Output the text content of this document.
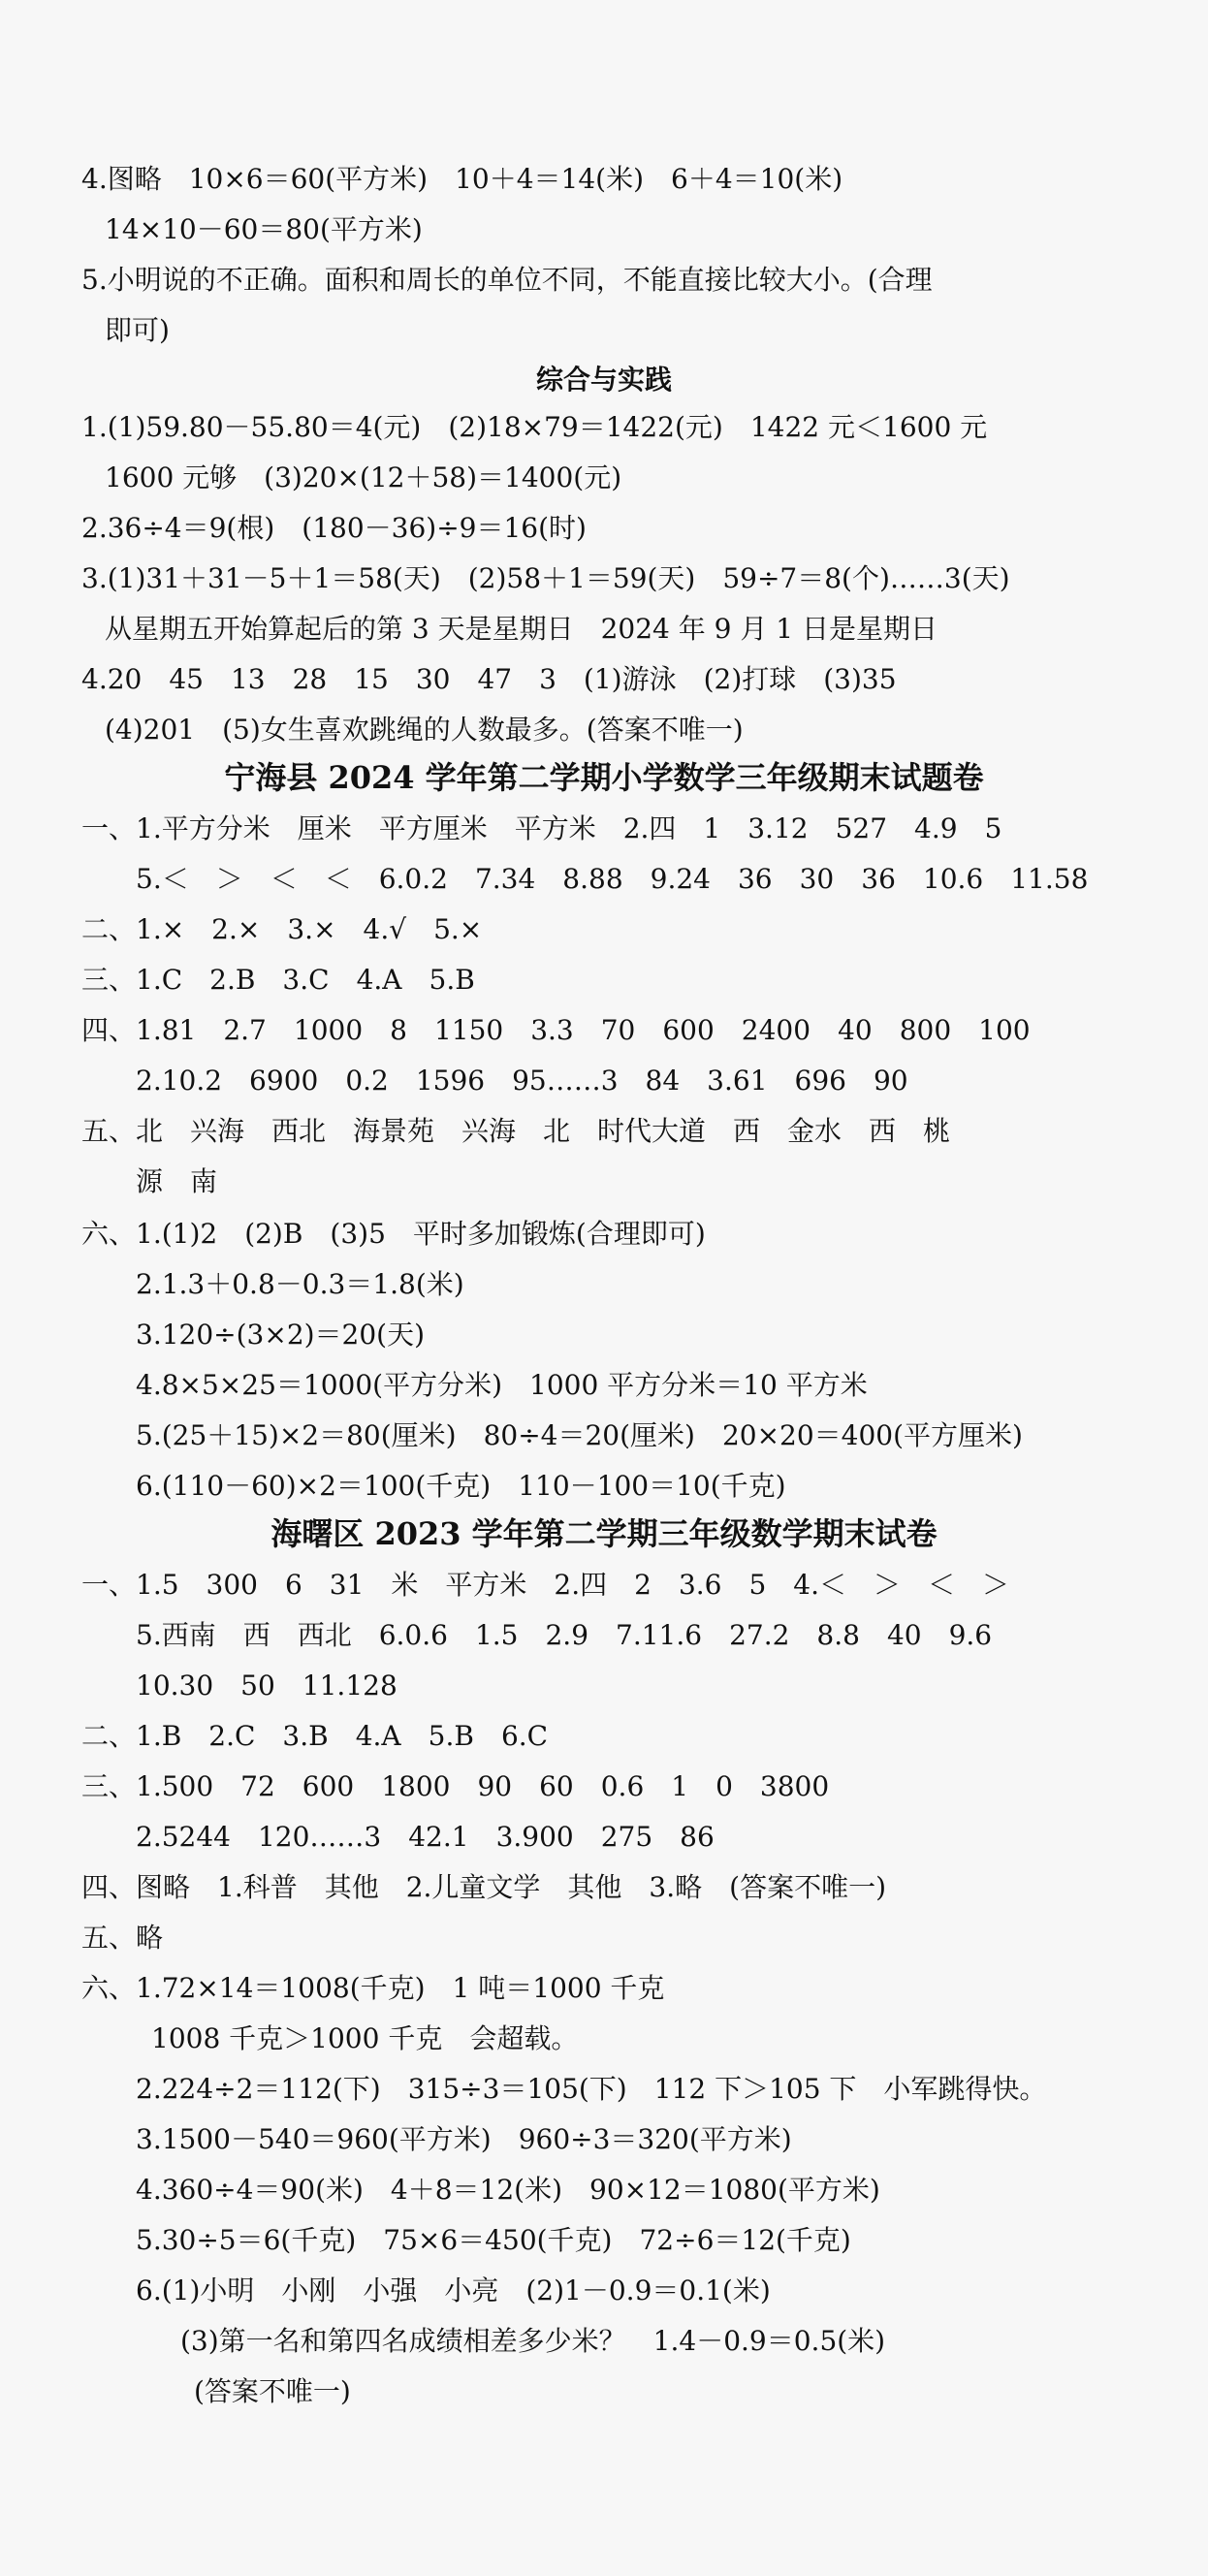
4.图略　10×6＝60(平方米)　10＋4＝14(米)　6＋4＝10(米)
14×10－60＝80(平方米)
5.小明说的不正确。面积和周长的单位不同，不能直接比较大小。(合理
即可)
综合与实践
1.(1)59.80－55.80＝4(元)　(2)18×79＝1422(元)　1422 元＜1600 元
1600 元够　(3)20×(12＋58)＝1400(元)
2.36÷4＝9(根)　(180－36)÷9＝16(时)
3.(1)31＋31－5＋1＝58(天)　(2)58＋1＝59(天)　59÷7＝8(个)……3(天)
从星期五开始算起后的第 3 天是星期日　2024 年 9 月 1 日是星期日
4.20　45　13　28　15　30　47　3　(1)游泳　(2)打球　(3)35
(4)201　(5)女生喜欢跳绳的人数最多。(答案不唯一)
宁海县 2024 学年第二学期小学数学三年级期末试题卷
一、1.平方分米　厘米　平方厘米　平方米　2.四　1　3.12　527　4.9　5
5.＜　＞　＜　＜　6.0.2　7.34　8.88　9.24　36　30　36　10.6　11.58
二、1.×　2.×　3.×　4.√　5.×
三、1.C　2.B　3.C　4.A　5.B
四、1.81　2.7　1000　8　1150　3.3　70　600　2400　40　800　100
2.10.2　6900　0.2　1596　95……3　84　3.61　696　90
五、北　兴海　西北　海景苑　兴海　北　时代大道　西　金水　西　桃
源　南
六、1.(1)2　(2)B　(3)5　平时多加锻炼(合理即可)
2.1.3＋0.8－0.3＝1.8(米)
3.120÷(3×2)＝20(天)
4.8×5×25＝1000(平方分米)　1000 平方分米＝10 平方米
5.(25＋15)×2＝80(厘米)　80÷4＝20(厘米)　20×20＝400(平方厘米)
6.(110－60)×2＝100(千克)　110－100＝10(千克)
海曙区 2023 学年第二学期三年级数学期末试卷
一、1.5　300　6　31　米　平方米　2.四　2　3.6　5　4.＜　＞　＜　＞
5.西南　西　西北　6.0.6　1.5　2.9　7.11.6　27.2　8.8　40　9.6
10.30　50　11.128
二、1.B　2.C　3.B　4.A　5.B　6.C
三、1.500　72　600　1800　90　60　0.6　1　0　3800
2.5244　120……3　42.1　3.900　275　86
四、图略　1.科普　其他　2.儿童文学　其他　3.略　(答案不唯一)
五、略
六、1.72×14＝1008(千克)　1 吨＝1000 千克
1008 千克＞1000 千克　会超载。
2.224÷2＝112(下)　315÷3＝105(下)　112 下＞105 下　小军跳得快。
3.1500－540＝960(平方米)　960÷3＝320(平方米)
4.360÷4＝90(米)　4＋8＝12(米)　90×12＝1080(平方米)
5.30÷5＝6(千克)　75×6＝450(千克)　72÷6＝12(千克)
6.(1)小明　小刚　小强　小亮　(2)1－0.9＝0.1(米)
(3)第一名和第四名成绩相差多少米？　1.4－0.9＝0.5(米)
(答案不唯一)
